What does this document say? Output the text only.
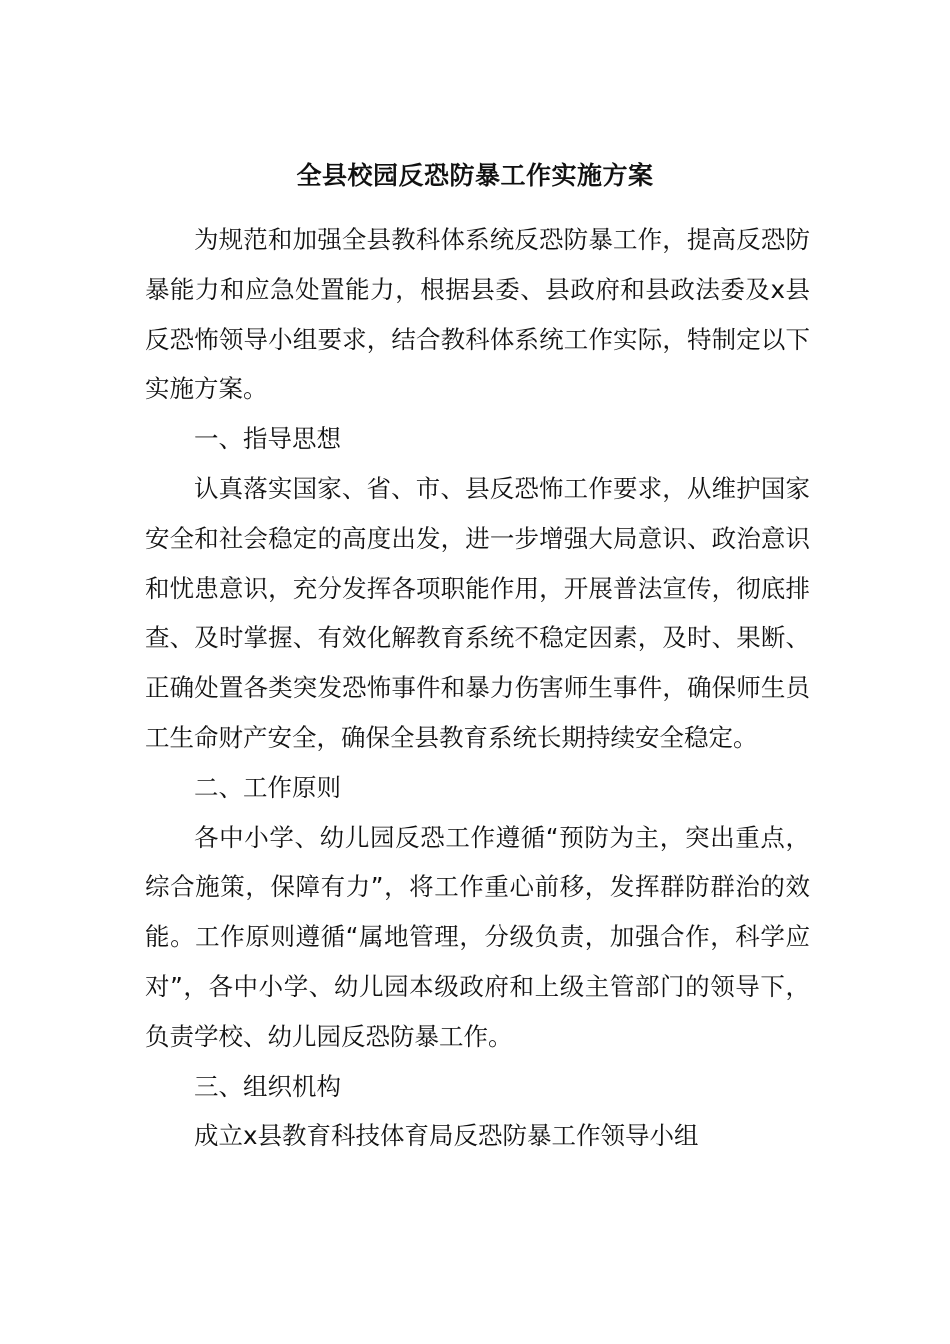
全县校园反恐防暴工作实施方案

为规范和加强全县教科体系统反恐防暴工作，提高反恐防暴能力和应急处置能力，根据县委、县政府和县政法委及x县反恐怖领导小组要求，结合教科体系统工作实际，特制定以下实施方案。

一、指导思想

认真落实国家、省、市、县反恐怖工作要求，从维护国家安全和社会稳定的高度出发，进一步增强大局意识、政治意识和忧患意识，充分发挥各项职能作用，开展普法宣传，彻底排查、及时掌握、有效化解教育系统不稳定因素，及时、果断、正确处置各类突发恐怖事件和暴力伤害师生事件，确保师生员工生命财产安全，确保全县教育系统长期持续安全稳定。

二、工作原则

各中小学、幼儿园反恐工作遵循“预防为主，突出重点，综合施策，保障有力”，将工作重心前移，发挥群防群治的效能。工作原则遵循“属地管理，分级负责，加强合作，科学应对”，各中小学、幼儿园本级政府和上级主管部门的领导下，负责学校、幼儿园反恐防暴工作。

三、组织机构

成立x县教育科技体育局反恐防暴工作领导小组
